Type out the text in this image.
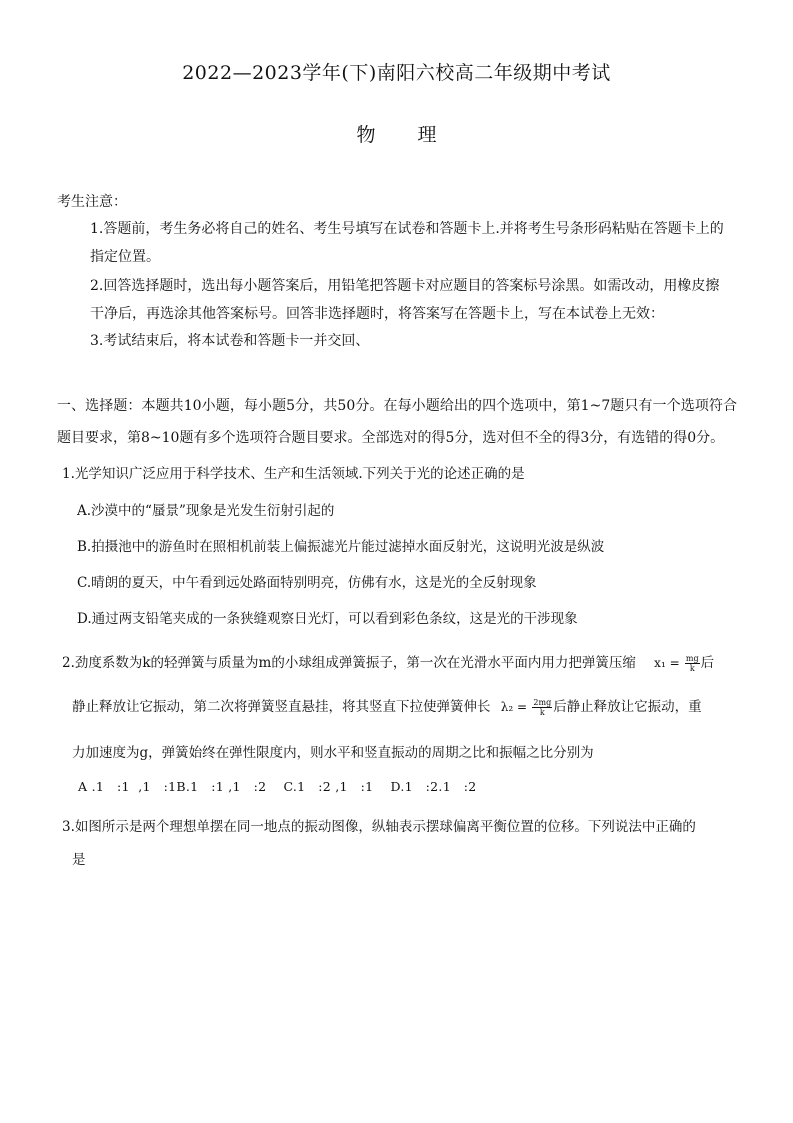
2022—2023学年(下)南阳六校高二年级期中考试
物 理
考生注意：
1.答题前，考生务必将自己的姓名、考生号填写在试卷和答题卡上.并将考生号条形码粘贴在答题卡上的指定位置。
2.回答选择题时，选出每小题答案后，用铅笔把答题卡对应题目的答案标号涂黑。如需改动，用橡皮擦干净后，再选涂其他答案标号。回答非选择题时，将答案写在答题卡上，写在本试卷上无效：
3.考试结束后，将本试卷和答题卡一并交回、
一、选择题：本题共10小题，每小题5分，共50分。在每小题给出的四个选项中，第1~7题只有一个选项符合题目要求，第8~10题有多个选项符合题目要求。全部选对的得5分，选对但不全的得3分，有选错的得0分。
1.光学知识广泛应用于科学技术、生产和生活领域.下列关于光的论述正确的是
A.沙漠中的“蜃景”现象是光发生衍射引起的
B.拍摄池中的游鱼时在照相机前装上偏振滤光片能过滤掉水面反射光，这说明光波是纵波
C.晴朗的夏天，中午看到远处路面特别明亮，仿佛有水，这是光的全反射现象
D.通过两支铅笔夹成的一条狭缝观察日光灯，可以看到彩色条纹，这是光的干涉现象
2.劲度系数为k的轻弹簧与质量为m的小球组成弹簧振子，第一次在光滑水平面内用力把弹簧压缩 $x_1 = \frac{mg}{k}$ 后
静止释放让它振动，第二次将弹簧竖直悬挂，将其竖直下拉使弹簧伸长 $\lambda_2 = \frac{2mg}{k}$ 后静止释放让它振动，重
力加速度为g，弹簧始终在弹性限度内，则水平和竖直振动的周期之比和振幅之比分别为
A .1   :1  ,1   :1B.1   :1 ,1   :2    C.1   :2 ,1   :1    D.1   :2.1   :2
3.如图所示是两个理想单摆在同一地点的振动图像，纵轴表示摆球偏离平衡位置的位移。下列说法中正确的
是
